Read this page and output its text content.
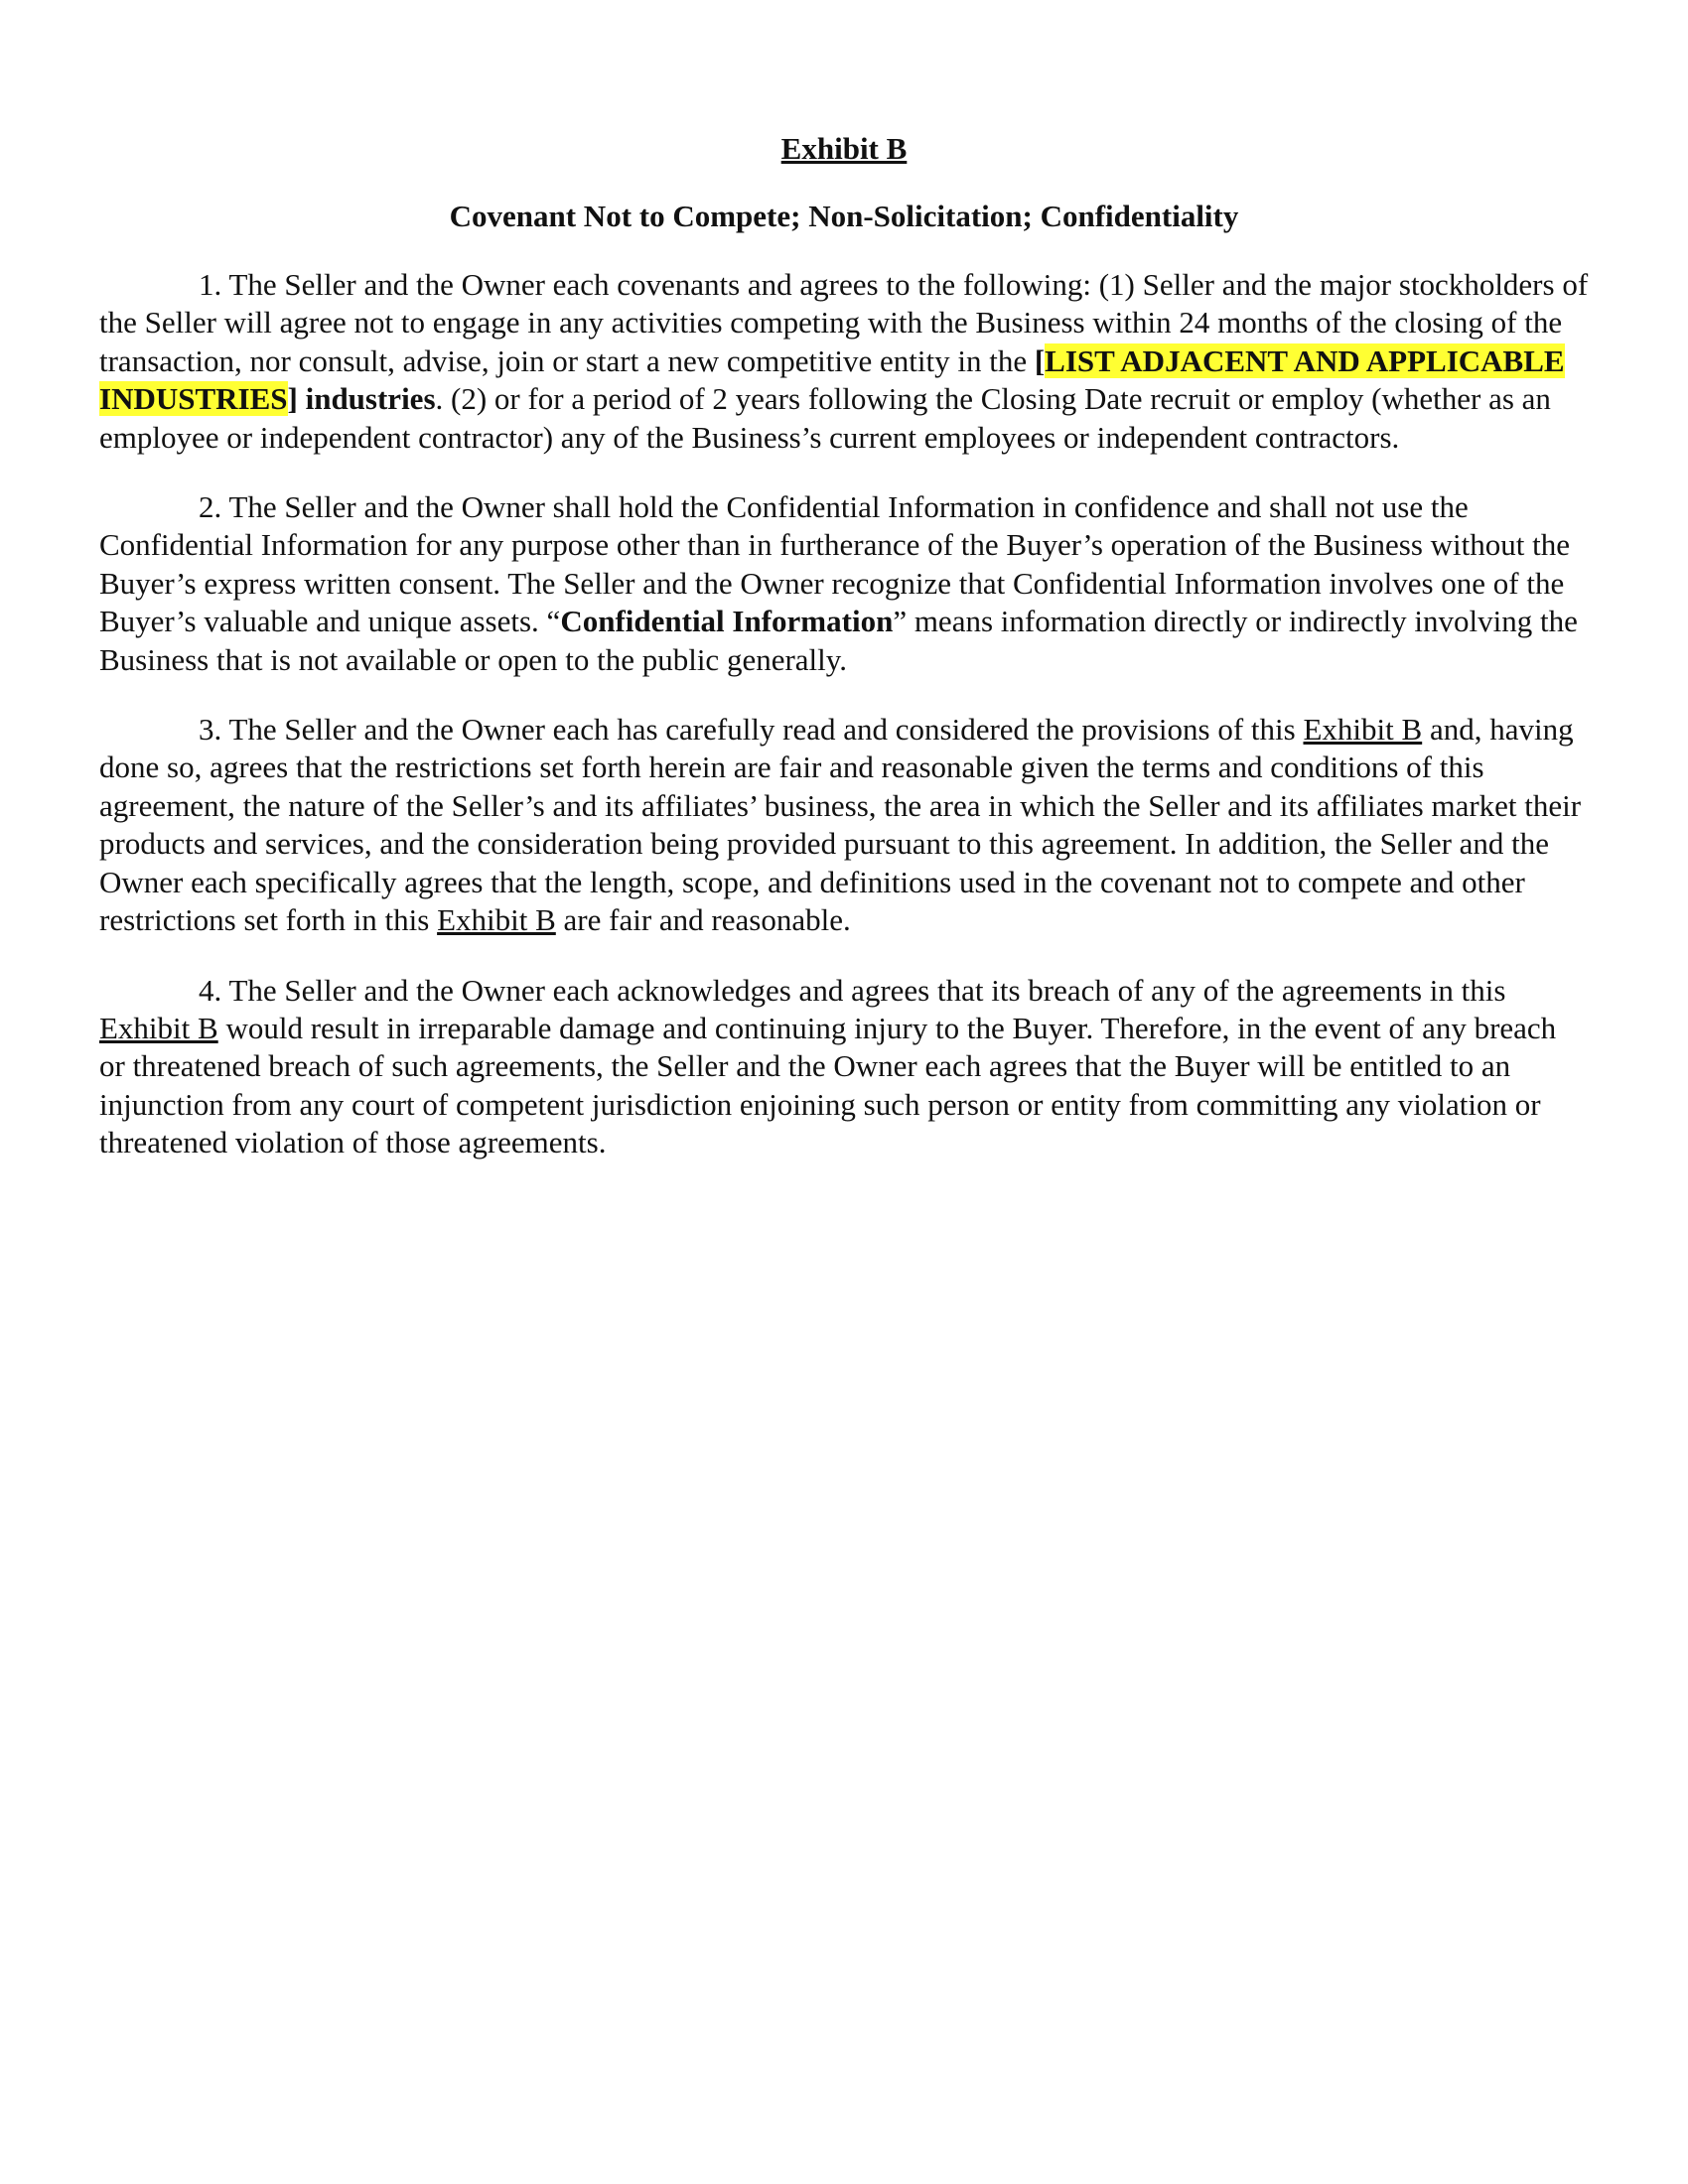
Exhibit B
Covenant Not to Compete; Non-Solicitation; Confidentiality

1. The Seller and the Owner each covenants and agrees to the following: (1) Seller and the major stockholders of the Seller will agree not to engage in any activities competing with the Business within 24 months of the closing of the transaction, nor consult, advise, join or start a new competitive entity in the [LIST ADJACENT AND APPLICABLE INDUSTRIES] industries. (2) or for a period of 2 years following the Closing Date recruit or employ (whether as an employee or independent contractor) any of the Business’s current employees or independent contractors.

2. The Seller and the Owner shall hold the Confidential Information in confidence and shall not use the Confidential Information for any purpose other than in furtherance of the Buyer’s operation of the Business without the Buyer’s express written consent. The Seller and the Owner recognize that Confidential Information involves one of the Buyer’s valuable and unique assets. “Confidential Information” means information directly or indirectly involving the Business that is not available or open to the public generally.

3. The Seller and the Owner each has carefully read and considered the provisions of this Exhibit B and, having done so, agrees that the restrictions set forth herein are fair and reasonable given the terms and conditions of this agreement, the nature of the Seller’s and its affiliates’ business, the area in which the Seller and its affiliates market their products and services, and the consideration being provided pursuant to this agreement. In addition, the Seller and the Owner each specifically agrees that the length, scope, and definitions used in the covenant not to compete and other restrictions set forth in this Exhibit B are fair and reasonable.

4. The Seller and the Owner each acknowledges and agrees that its breach of any of the agreements in this Exhibit B would result in irreparable damage and continuing injury to the Buyer. Therefore, in the event of any breach or threatened breach of such agreements, the Seller and the Owner each agrees that the Buyer will be entitled to an injunction from any court of competent jurisdiction enjoining such person or entity from committing any violation or threatened violation of those agreements.
